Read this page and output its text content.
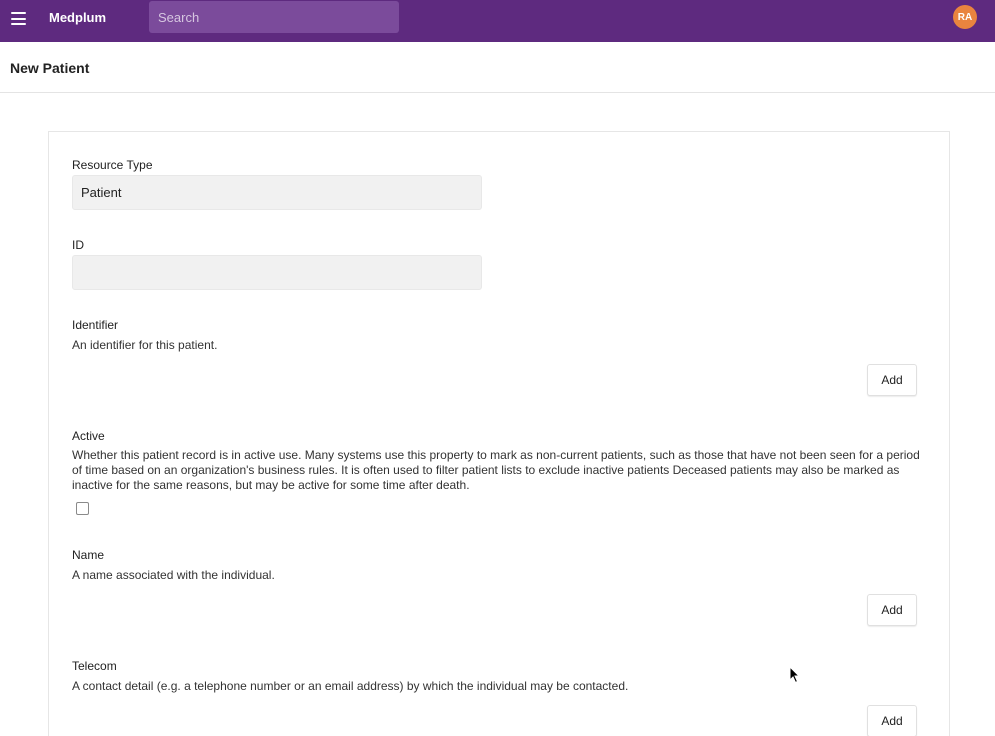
Medplum
Search	RA
New Patient
Resource Type
Patient
ID
Identifier
An identifier for this patient.
Add
Active
Whether this patient record is in active use. Many systems use this property to mark as non-current patients, such as those that have not been seen for a period of time based on an organization's business rules. It is often used to filter patient lists to exclude inactive patients Deceased patients may also be marked as inactive for the same reasons, but may be active for some time after death.
Name
A name associated with the individual.
Add
Telecom
A contact detail (e.g. a telephone number or an email address) by which the individual may be contacted.
Add
